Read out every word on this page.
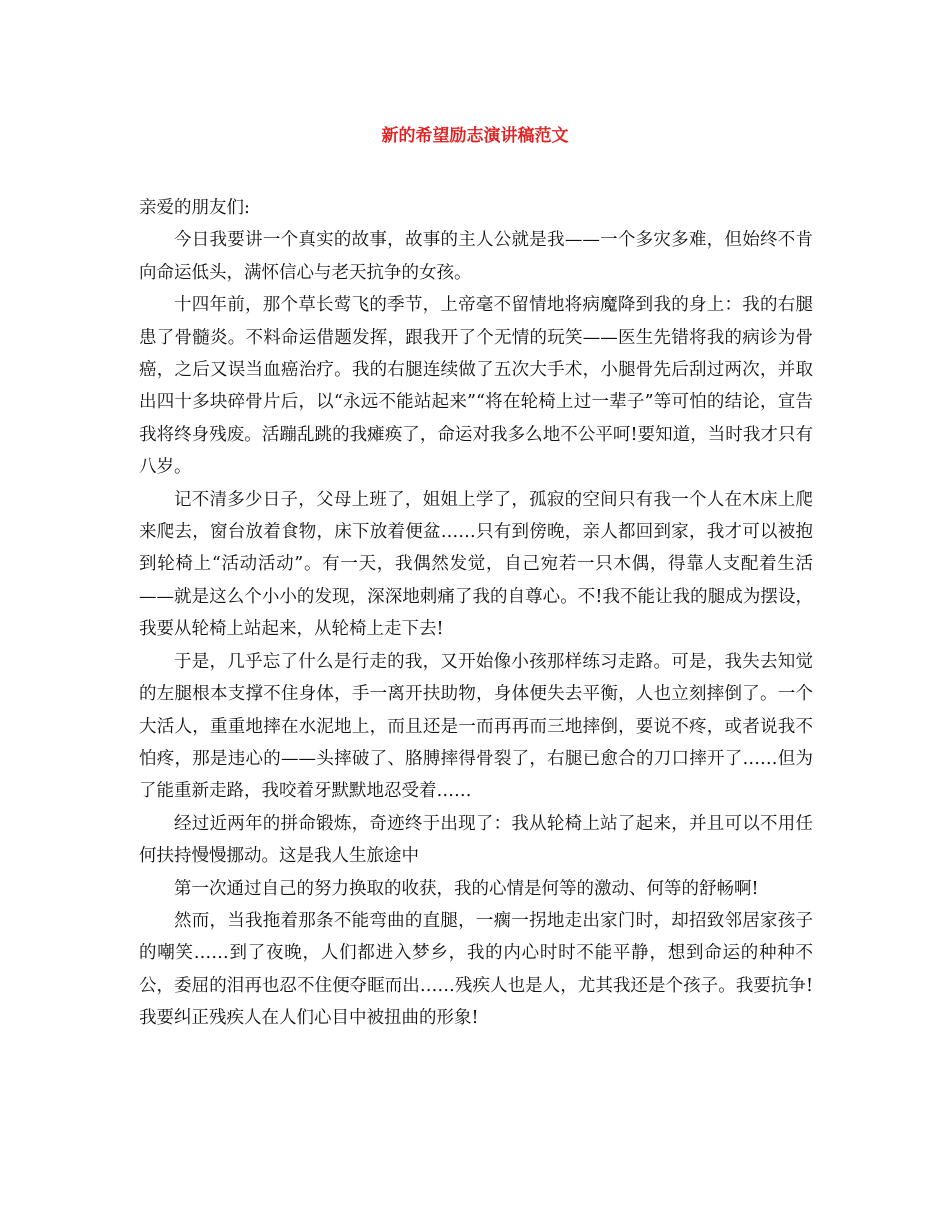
新的希望励志演讲稿范文

亲爱的朋友们:

今日我要讲一个真实的故事，故事的主人公就是我——一个多灾多难，但始终不肯向命运低头，满怀信心与老天抗争的女孩。

十四年前，那个草长莺飞的季节，上帝毫不留情地将病魔降到我的身上：我的右腿患了骨髓炎。不料命运借题发挥，跟我开了个无情的玩笑——医生先错将我的病诊为骨癌，之后又误当血癌治疗。我的右腿连续做了五次大手术，小腿骨先后刮过两次，并取出四十多块碎骨片后，以“永远不能站起来”“将在轮椅上过一辈子”等可怕的结论，宣告我将终身残废。活蹦乱跳的我瘫痪了，命运对我多么地不公平呵!要知道，当时我才只有八岁。

记不清多少日子，父母上班了，姐姐上学了，孤寂的空间只有我一个人在木床上爬来爬去，窗台放着食物，床下放着便盆……只有到傍晚，亲人都回到家，我才可以被抱到轮椅上“活动活动”。有一天，我偶然发觉，自己宛若一只木偶，得靠人支配着生活——就是这么个小小的发现，深深地刺痛了我的自尊心。不!我不能让我的腿成为摆设，我要从轮椅上站起来，从轮椅上走下去!

于是，几乎忘了什么是行走的我，又开始像小孩那样练习走路。可是，我失去知觉的左腿根本支撑不住身体，手一离开扶助物，身体便失去平衡，人也立刻摔倒了。一个大活人，重重地摔在水泥地上，而且还是一而再再而三地摔倒，要说不疼，或者说我不怕疼，那是违心的——头摔破了、胳膊摔得骨裂了，右腿已愈合的刀口摔开了……但为了能重新走路，我咬着牙默默地忍受着……

经过近两年的拼命锻炼，奇迹终于出现了：我从轮椅上站了起来，并且可以不用任何扶持慢慢挪动。这是我人生旅途中

第一次通过自己的努力换取的收获，我的心情是何等的激动、何等的舒畅啊!

然而，当我拖着那条不能弯曲的直腿，一瘸一拐地走出家门时，却招致邻居家孩子的嘲笑……到了夜晚，人们都进入梦乡，我的内心时时不能平静，想到命运的种种不公，委屈的泪再也忍不住便夺眶而出……残疾人也是人，尤其我还是个孩子。我要抗争!我要纠正残疾人在人们心目中被扭曲的形象!
